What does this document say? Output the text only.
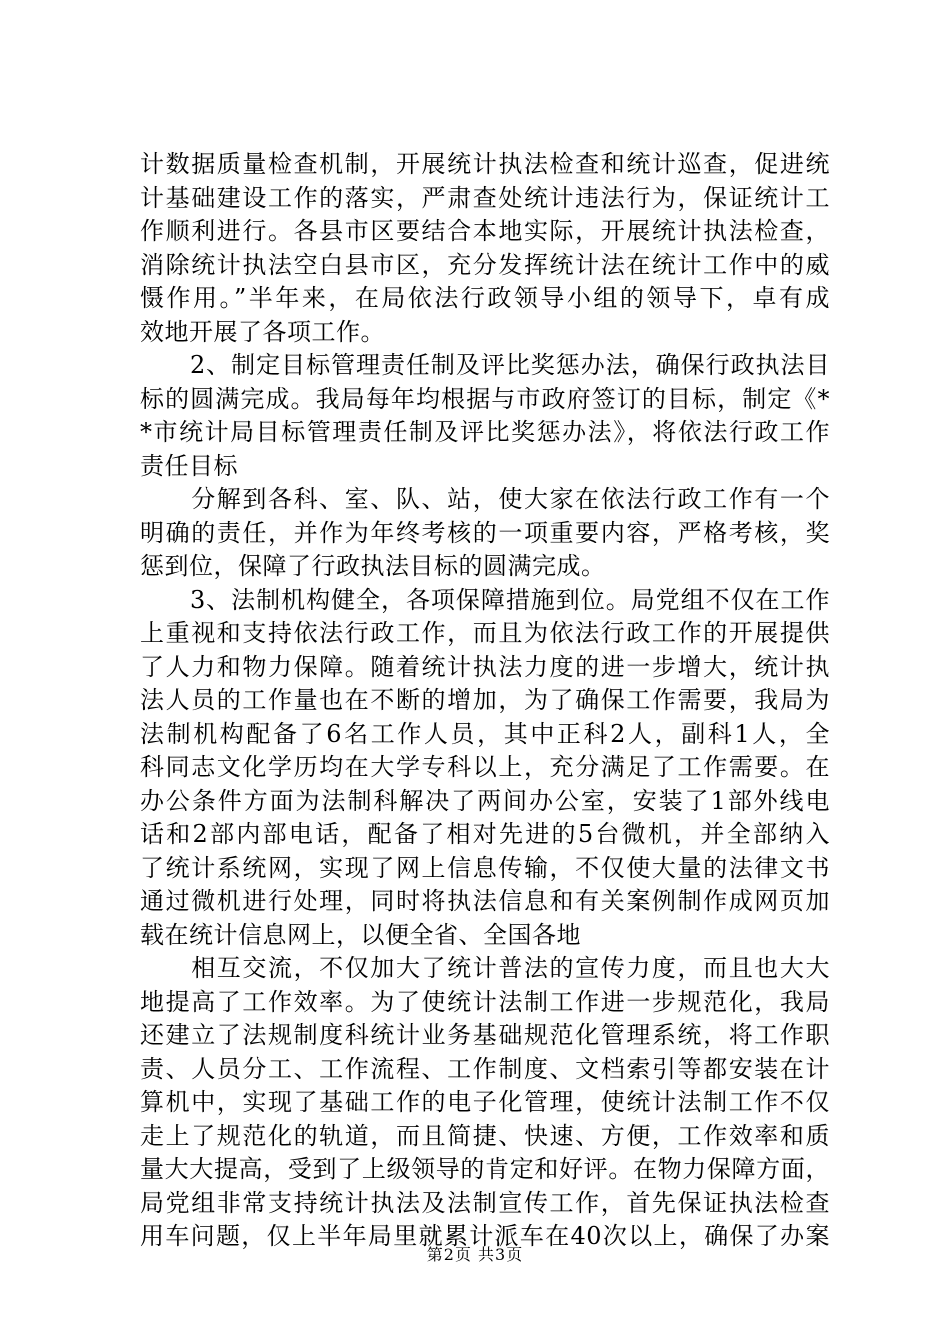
计数据质量检查机制，开展统计执法检查和统计巡查，促进统
计基础建设工作的落实，严肃查处统计违法行为，保证统计工
作顺利进行。各县市区要结合本地实际，开展统计执法检查，
消除统计执法空白县市区，充分发挥统计法在统计工作中的威
慑作用。”半年来，在局依法行政领导小组的领导下，卓有成
效地开展了各项工作。
　　2、制定目标管理责任制及评比奖惩办法，确保行政执法目
标的圆满完成。我局每年均根据与市政府签订的目标，制定《*
*市统计局目标管理责任制及评比奖惩办法》，将依法行政工作
责任目标
　　分解到各科、室、队、站，使大家在依法行政工作有一个
明确的责任，并作为年终考核的一项重要内容，严格考核，奖
惩到位，保障了行政执法目标的圆满完成。
　　3、法制机构健全，各项保障措施到位。局党组不仅在工作
上重视和支持依法行政工作，而且为依法行政工作的开展提供
了人力和物力保障。随着统计执法力度的进一步增大，统计执
法人员的工作量也在不断的增加，为了确保工作需要，我局为
法制机构配备了6名工作人员，其中正科2人，副科1人，全
科同志文化学历均在大学专科以上，充分满足了工作需要。在
办公条件方面为法制科解决了两间办公室，安装了1部外线电
话和2部内部电话，配备了相对先进的5台微机，并全部纳入
了统计系统网，实现了网上信息传输，不仅使大量的法律文书
通过微机进行处理，同时将执法信息和有关案例制作成网页加
载在统计信息网上，以便全省、全国各地
　　相互交流，不仅加大了统计普法的宣传力度，而且也大大
地提高了工作效率。为了使统计法制工作进一步规范化，我局
还建立了法规制度科统计业务基础规范化管理系统，将工作职
责、人员分工、工作流程、工作制度、文档索引等都安装在计
算机中，实现了基础工作的电子化管理，使统计法制工作不仅
走上了规范化的轨道，而且简捷、快速、方便，工作效率和质
量大大提高，受到了上级领导的肯定和好评。在物力保障方面，
局党组非常支持统计执法及法制宣传工作，首先保证执法检查
用车问题，仅上半年局里就累计派车在40次以上，确保了办案
第2页 共3页
